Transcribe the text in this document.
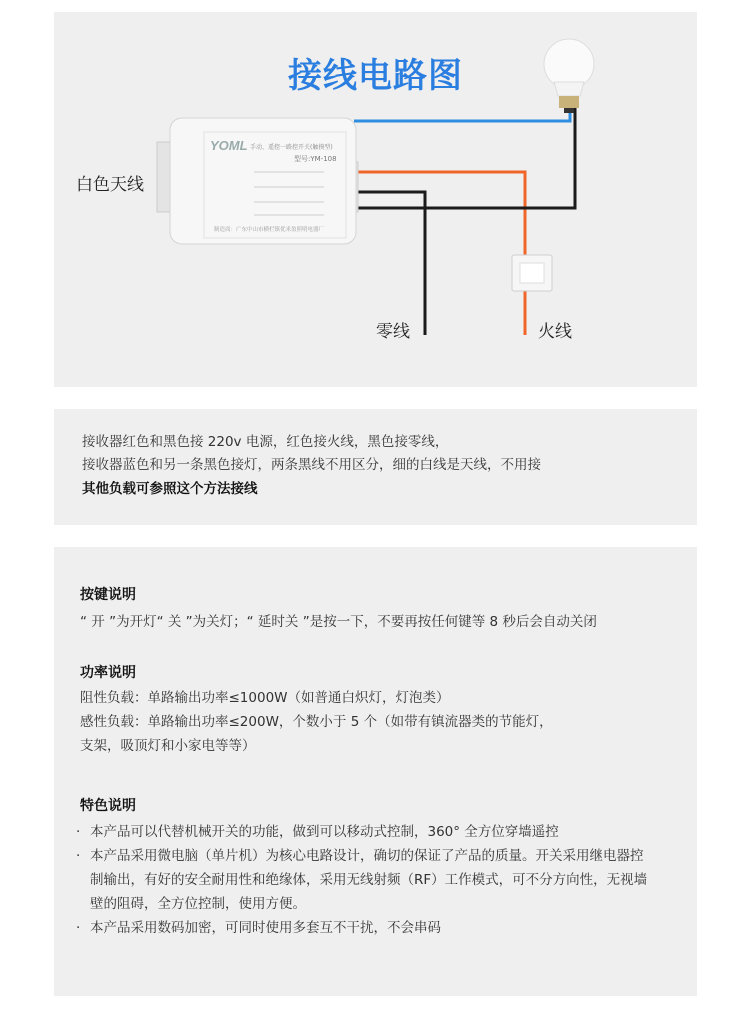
接线电路图
YOML 手动、遥控一路控开关(触摸型)
型号:YM-108
制造商：广东中山市横栏镇优米盈照明电器厂
白色天线
零线	火线
接收器红色和黑色接 220v 电源，红色接火线，黑色接零线，
接收器蓝色和另一条黑色接灯，两条黑线不用区分，细的白线是天线，不用接
其他负载可参照这个方法接线
按键说明
“ 开 ”为开灯“ 关 ”为关灯；“ 延时关 ”是按一下，不要再按任何键等 8 秒后会自动关闭
功率说明
阻性负载：单路输出功率≤1000W（如普通白炽灯，灯泡类）
感性负载：单路输出功率≤200W，个数小于 5 个（如带有镇流器类的节能灯，
支架，吸顶灯和小家电等等）
特色说明
· 本产品可以代替机械开关的功能，做到可以移动式控制，360° 全方位穿墙遥控
· 本产品采用微电脑（单片机）为核心电路设计，确切的保证了产品的质量。开关采用继电器控制输出，有好的安全耐用性和绝缘体，采用无线射频（RF）工作模式，可不分方向性，无视墙壁的阻碍，全方位控制，使用方便。
· 本产品采用数码加密，可同时使用多套互不干扰，不会串码
